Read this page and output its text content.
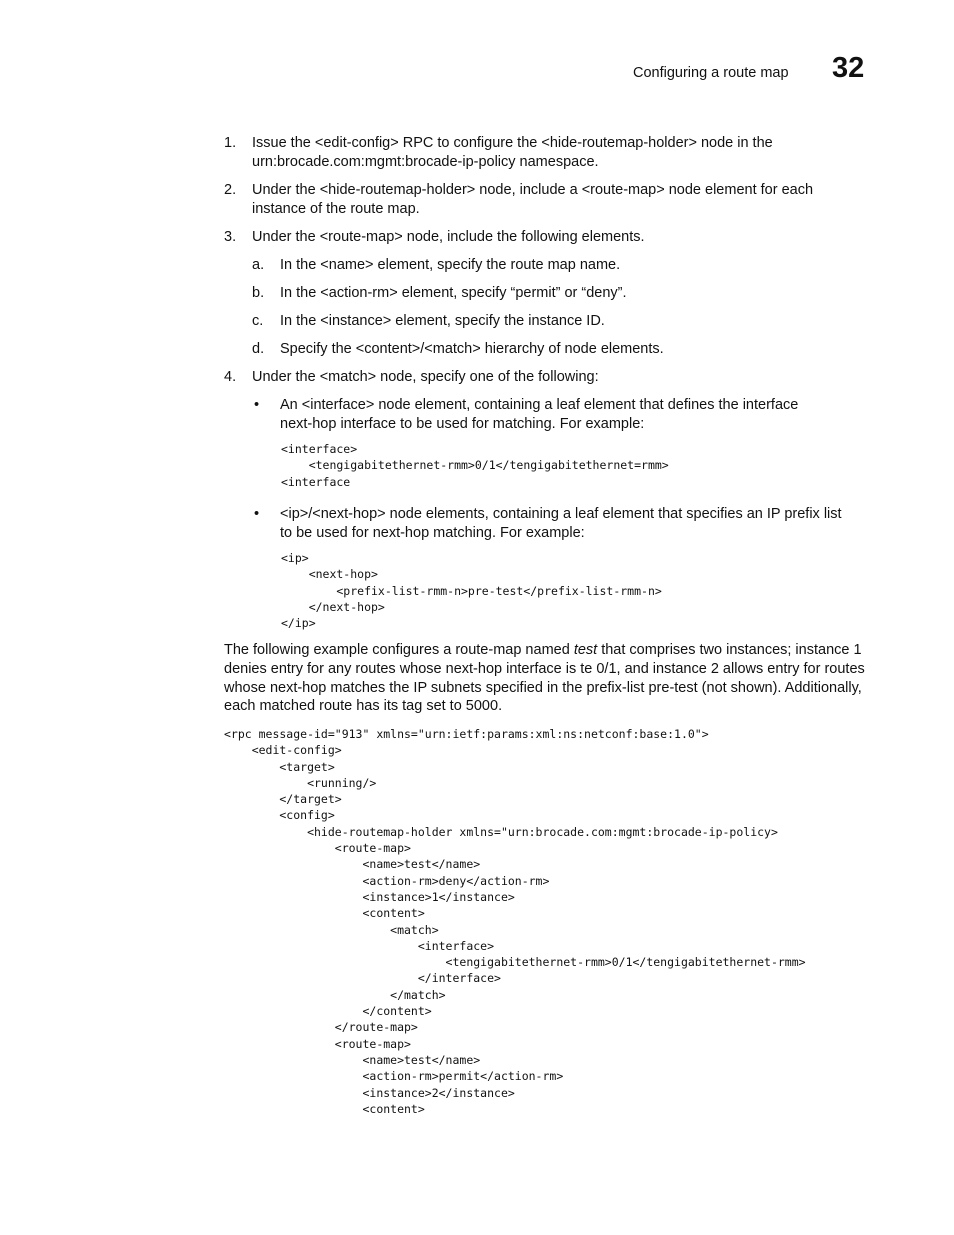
Configuring a route map 32
1. Issue the <edit-config> RPC to configure the <hide-routemap-holder> node in the
urn:brocade.com:mgmt:brocade-ip-policy namespace.
2. Under the <hide-routemap-holder> node, include a <route-map> node element for each
instance of the route map.
3. Under the <route-map> node, include the following elements.
a. In the <name> element, specify the route map name.
b. In the <action-rm> element, specify “permit” or “deny”.
c. In the <instance> element, specify the instance ID.
d. Specify the <content>/<match> hierarchy of node elements.
4. Under the <match> node, specify one of the following:
• An <interface> node element, containing a leaf element that defines the interface
next-hop interface to be used for matching. For example:
<interface>
<tengigabitethernet-rmm>0/1</tengigabitethernet=rmm>
<interface
• <ip>/<next-hop> node elements, containing a leaf element that specifies an IP prefix list
to be used for next-hop matching. For example:
<ip>
<next-hop>
<prefix-list-rmm-n>pre-test</prefix-list-rmm-n>
</next-hop>
</ip>
The following example configures a route-map named test that comprises two instances; instance 1 denies entry for any routes whose next-hop interface is te 0/1, and instance 2 allows entry for routes whose next-hop matches the IP subnets specified in the prefix-list pre-test (not shown). Additionally, each matched route has its tag set to 5000.
<rpc message-id="913" xmlns="urn:ietf:params:xml:ns:netconf:base:1.0">
<edit-config>
<target>
<running/>
</target>
<config>
<hide-routemap-holder xmlns="urn:brocade.com:mgmt:brocade-ip-policy>
<route-map>
<name>test</name>
<action-rm>deny</action-rm>
<instance>1</instance>
<content>
<match>
<interface>
<tengigabitethernet-rmm>0/1</tengigabitethernet-rmm>
</interface>
</match>
</content>
</route-map>
<route-map>
<name>test</name>
<action-rm>permit</action-rm>
<instance>2</instance>
<content>
